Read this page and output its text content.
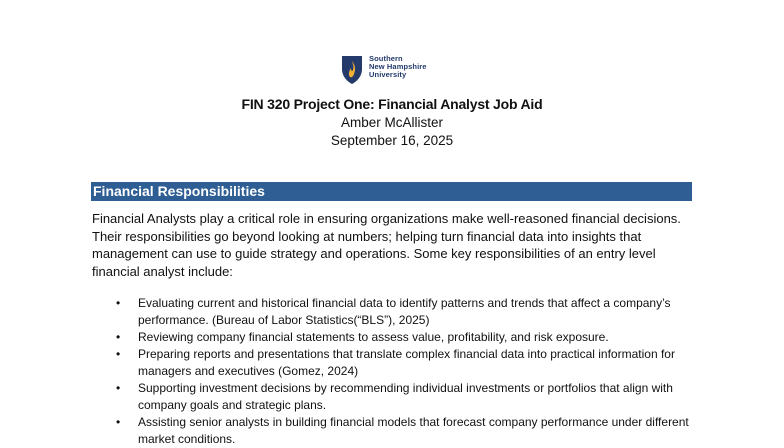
Southern
New Hampshire
University
FIN 320 Project One: Financial Analyst Job Aid
Amber McAllister
September 16, 2025
Financial Responsibilities

Financial Analysts play a critical role in ensuring organizations make well-reasoned financial decisions. Their responsibilities go beyond looking at numbers; helping turn financial data into insights that management can use to guide strategy and operations. Some key responsibilities of an entry level financial analyst include:

• Evaluating current and historical financial data to identify patterns and trends that affect a company’s performance. (Bureau of Labor Statistics(“BLS”), 2025)
• Reviewing company financial statements to assess value, profitability, and risk exposure.
• Preparing reports and presentations that translate complex financial data into practical information for managers and executives (Gomez, 2024)
• Supporting investment decisions by recommending individual investments or portfolios that align with company goals and strategic plans.
• Assisting senior analysts in building financial models that forecast company performance under different market conditions.
